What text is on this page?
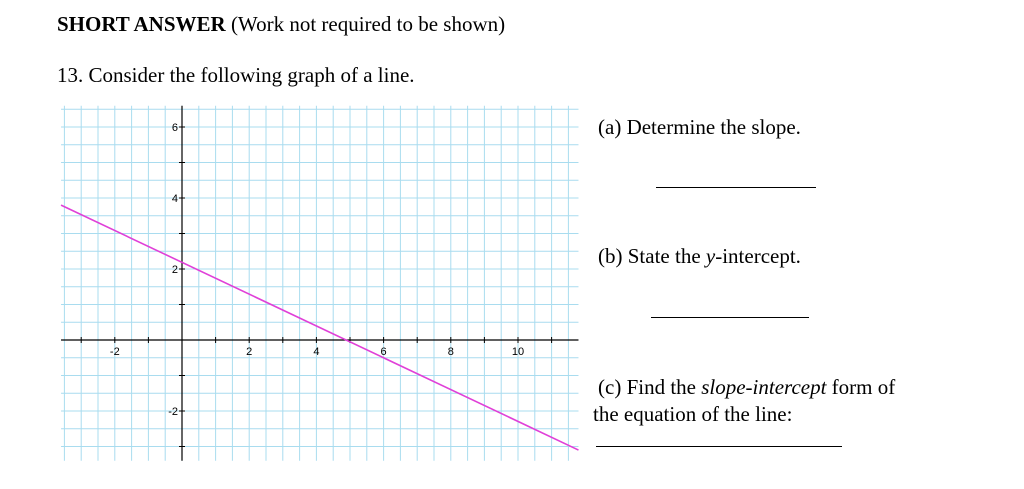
SHORT ANSWER (Work not required to be shown)
13. Consider the following graph of a line.
-2	2	4	6	8	10
-2
2
4
6	(a) Determine the slope.
(b) State the y-intercept.
(c) Find the slope-intercept form of
the equation of the line:
